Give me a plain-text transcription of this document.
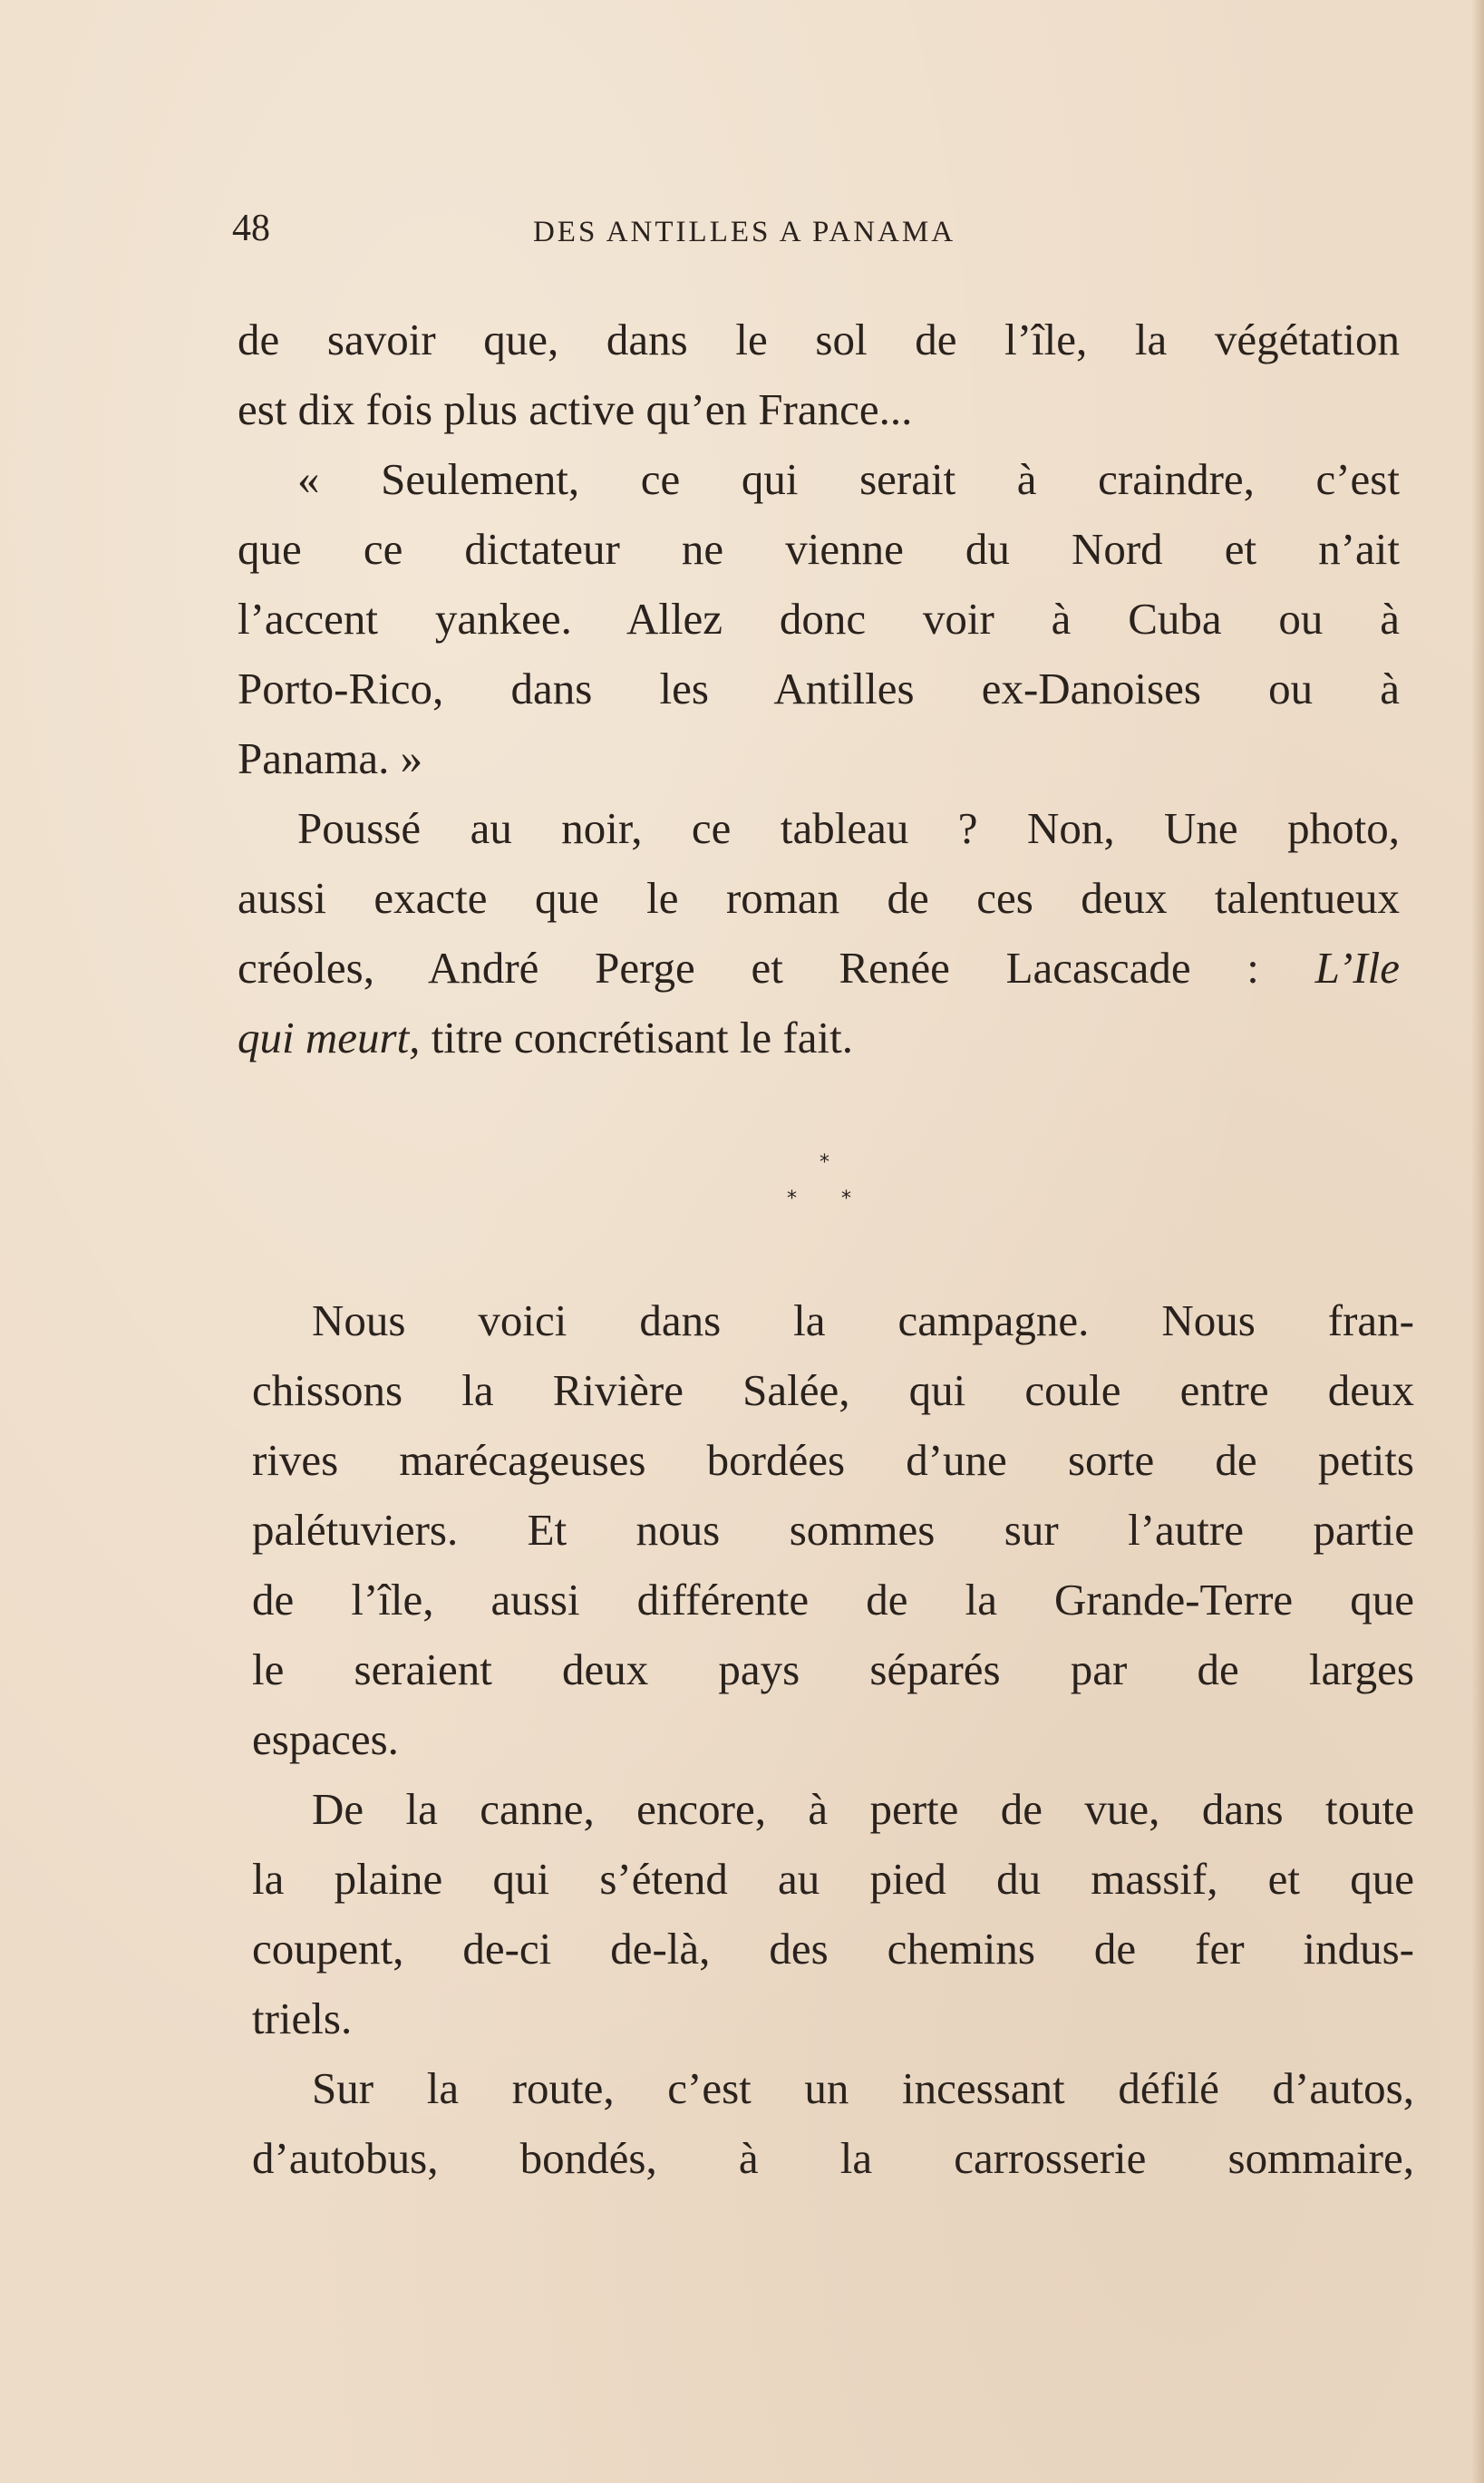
48	DES ANTILLES A PANAMA
de savoir que, dans le sol de l’île, la végétation
est dix fois plus active qu’en France...
« Seulement, ce qui serait à craindre, c’est
que ce dictateur ne vienne du Nord et n’ait
l’accent yankee. Allez donc voir à Cuba ou à
Porto-Rico, dans les Antilles ex-Danoises ou à
Panama. »
Poussé au noir, ce tableau ? Non, Une photo,
aussi exacte que le roman de ces deux talentueux
créoles, André Perge et Renée Lacascade : L’Ile
qui meurt, titre concrétisant le fait.
*
* *
Nous voici dans la campagne. Nous fran-
chissons la Rivière Salée, qui coule entre deux
rives marécageuses bordées d’une sorte de petits
palétuviers. Et nous sommes sur l’autre partie
de l’île, aussi différente de la Grande-Terre que
le seraient deux pays séparés par de larges
espaces.
De la canne, encore, à perte de vue, dans toute
la plaine qui s’étend au pied du massif, et que
coupent, de-ci de-là, des chemins de fer indus-
triels.
Sur la route, c’est un incessant défilé d’autos,
d’autobus, bondés, à la carrosserie sommaire,
